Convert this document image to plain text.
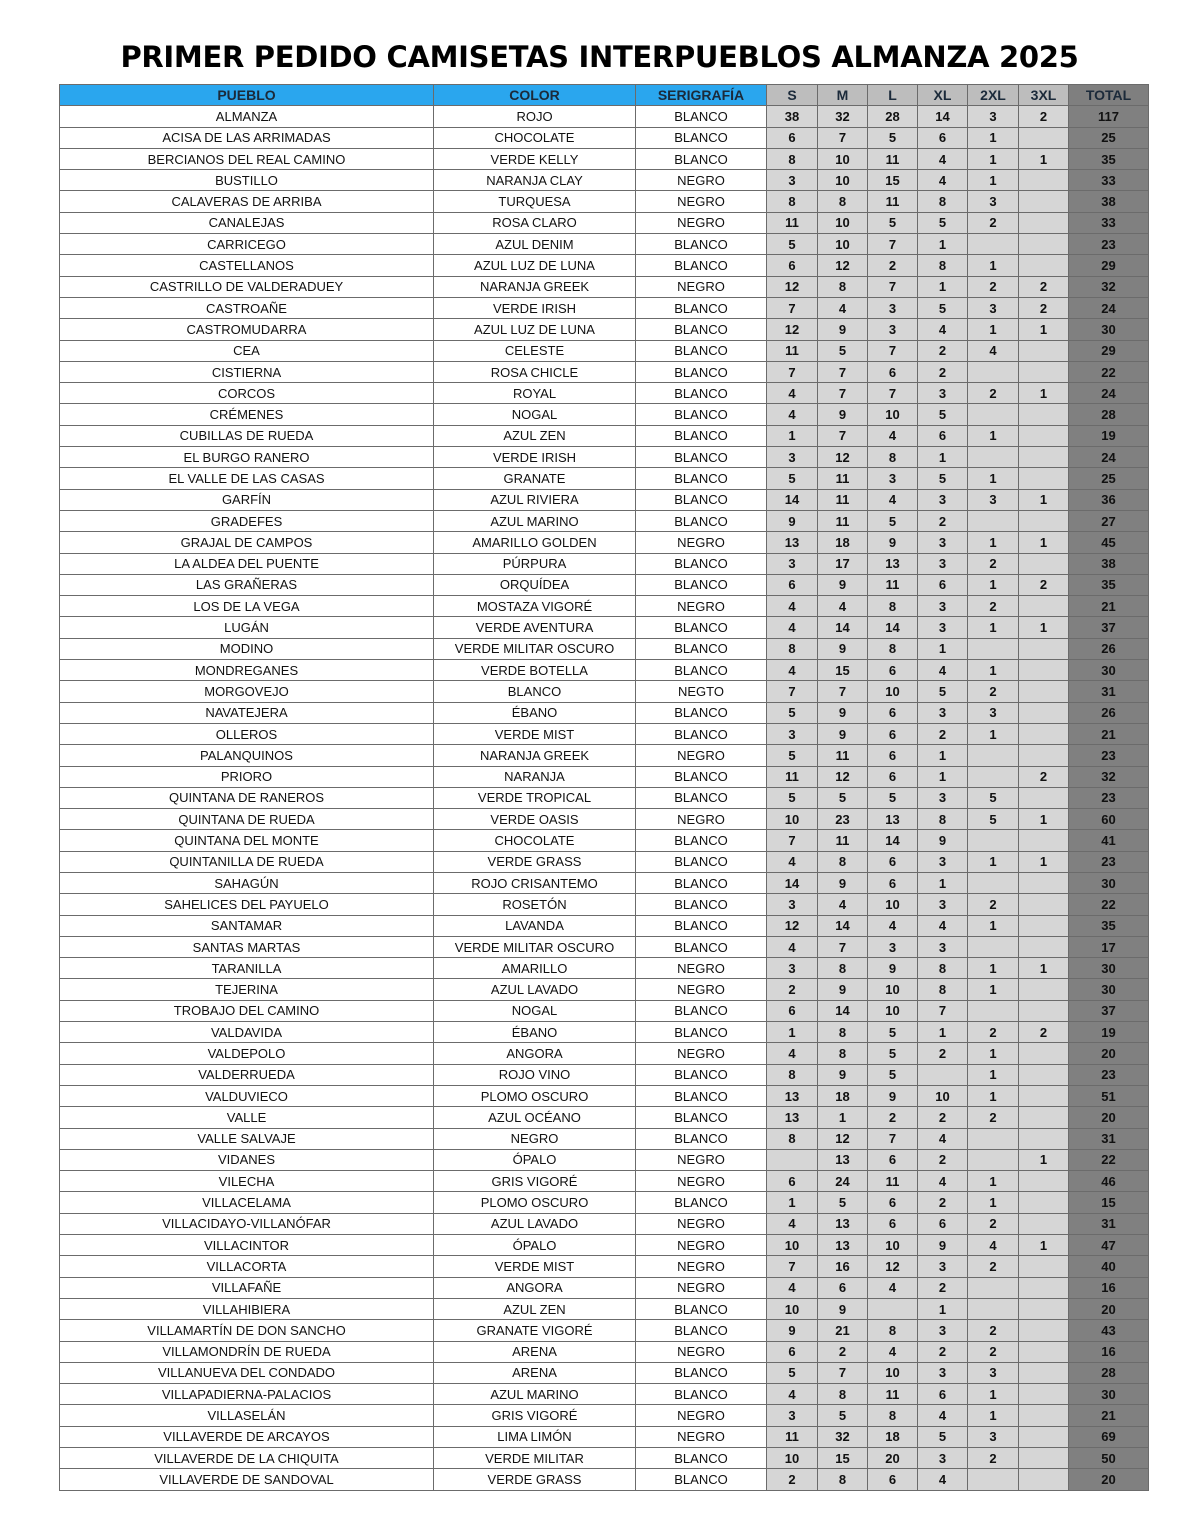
PRIMER PEDIDO CAMISETAS INTERPUEBLOS ALMANZA 2025
PUEBLO	COLOR	SERIGRAFÍA	S	M	L	XL	2XL	3XL	TOTAL
ALMANZA	ROJO	BLANCO	38	32	28	14	3	2	117
ACISA DE LAS ARRIMADAS	CHOCOLATE	BLANCO	6	7	5	6	1		25
BERCIANOS DEL REAL CAMINO	VERDE KELLY	BLANCO	8	10	11	4	1	1	35
BUSTILLO	NARANJA CLAY	NEGRO	3	10	15	4	1		33
CALAVERAS DE ARRIBA	TURQUESA	NEGRO	8	8	11	8	3		38
CANALEJAS	ROSA CLARO	NEGRO	11	10	5	5	2		33
CARRICEGO	AZUL DENIM	BLANCO	5	10	7	1			23
CASTELLANOS	AZUL LUZ DE LUNA	BLANCO	6	12	2	8	1		29
CASTRILLO DE VALDERADUEY	NARANJA GREEK	NEGRO	12	8	7	1	2	2	32
CASTROAÑE	VERDE IRISH	BLANCO	7	4	3	5	3	2	24
CASTROMUDARRA	AZUL LUZ DE LUNA	BLANCO	12	9	3	4	1	1	30
CEA	CELESTE	BLANCO	11	5	7	2	4		29
CISTIERNA	ROSA CHICLE	BLANCO	7	7	6	2			22
CORCOS	ROYAL	BLANCO	4	7	7	3	2	1	24
CRÉMENES	NOGAL	BLANCO	4	9	10	5			28
CUBILLAS DE RUEDA	AZUL ZEN	BLANCO	1	7	4	6	1		19
EL BURGO RANERO	VERDE IRISH	BLANCO	3	12	8	1			24
EL VALLE DE LAS CASAS	GRANATE	BLANCO	5	11	3	5	1		25
GARFÍN	AZUL RIVIERA	BLANCO	14	11	4	3	3	1	36
GRADEFES	AZUL MARINO	BLANCO	9	11	5	2			27
GRAJAL DE CAMPOS	AMARILLO GOLDEN	NEGRO	13	18	9	3	1	1	45
LA ALDEA DEL PUENTE	PÚRPURA	BLANCO	3	17	13	3	2		38
LAS GRAÑERAS	ORQUÍDEA	BLANCO	6	9	11	6	1	2	35
LOS DE LA VEGA	MOSTAZA VIGORÉ	NEGRO	4	4	8	3	2		21
LUGÁN	VERDE AVENTURA	BLANCO	4	14	14	3	1	1	37
MODINO	VERDE MILITAR OSCURO	BLANCO	8	9	8	1			26
MONDREGANES	VERDE BOTELLA	BLANCO	4	15	6	4	1		30
MORGOVEJO	BLANCO	NEGTO	7	7	10	5	2		31
NAVATEJERA	ÉBANO	BLANCO	5	9	6	3	3		26
OLLEROS	VERDE MIST	BLANCO	3	9	6	2	1		21
PALANQUINOS	NARANJA GREEK	NEGRO	5	11	6	1			23
PRIORO	NARANJA	BLANCO	11	12	6	1		2	32
QUINTANA DE RANEROS	VERDE TROPICAL	BLANCO	5	5	5	3	5		23
QUINTANA DE RUEDA	VERDE OASIS	NEGRO	10	23	13	8	5	1	60
QUINTANA DEL MONTE	CHOCOLATE	BLANCO	7	11	14	9			41
QUINTANILLA DE RUEDA	VERDE GRASS	BLANCO	4	8	6	3	1	1	23
SAHAGÚN	ROJO CRISANTEMO	BLANCO	14	9	6	1			30
SAHELICES DEL PAYUELO	ROSETÓN	BLANCO	3	4	10	3	2		22
SANTAMAR	LAVANDA	BLANCO	12	14	4	4	1		35
SANTAS MARTAS	VERDE MILITAR OSCURO	BLANCO	4	7	3	3			17
TARANILLA	AMARILLO	NEGRO	3	8	9	8	1	1	30
TEJERINA	AZUL LAVADO	NEGRO	2	9	10	8	1		30
TROBAJO DEL CAMINO	NOGAL	BLANCO	6	14	10	7			37
VALDAVIDA	ÉBANO	BLANCO	1	8	5	1	2	2	19
VALDEPOLO	ANGORA	NEGRO	4	8	5	2	1		20
VALDERRUEDA	ROJO VINO	BLANCO	8	9	5		1		23
VALDUVIECO	PLOMO OSCURO	BLANCO	13	18	9	10	1		51
VALLE	AZUL OCÉANO	BLANCO	13	1	2	2	2		20
VALLE SALVAJE	NEGRO	BLANCO	8	12	7	4			31
VIDANES	ÓPALO	NEGRO		13	6	2		1	22
VILECHA	GRIS VIGORÉ	NEGRO	6	24	11	4	1		46
VILLACELAMA	PLOMO OSCURO	BLANCO	1	5	6	2	1		15
VILLACIDAYO-VILLANÓFAR	AZUL LAVADO	NEGRO	4	13	6	6	2		31
VILLACINTOR	ÓPALO	NEGRO	10	13	10	9	4	1	47
VILLACORTA	VERDE MIST	NEGRO	7	16	12	3	2		40
VILLAFAÑE	ANGORA	NEGRO	4	6	4	2			16
VILLAHIBIERA	AZUL ZEN	BLANCO	10	9		1			20
VILLAMARTÍN DE DON SANCHO	GRANATE VIGORÉ	BLANCO	9	21	8	3	2		43
VILLAMONDRÍN DE RUEDA	ARENA	NEGRO	6	2	4	2	2		16
VILLANUEVA DEL CONDADO	ARENA	BLANCO	5	7	10	3	3		28
VILLAPADIERNA-PALACIOS	AZUL MARINO	BLANCO	4	8	11	6	1		30
VILLASELÁN	GRIS VIGORÉ	NEGRO	3	5	8	4	1		21
VILLAVERDE DE ARCAYOS	LIMA LIMÓN	NEGRO	11	32	18	5	3		69
VILLAVERDE DE LA CHIQUITA	VERDE MILITAR	BLANCO	10	15	20	3	2		50
VILLAVERDE DE SANDOVAL	VERDE GRASS	BLANCO	2	8	6	4			20
